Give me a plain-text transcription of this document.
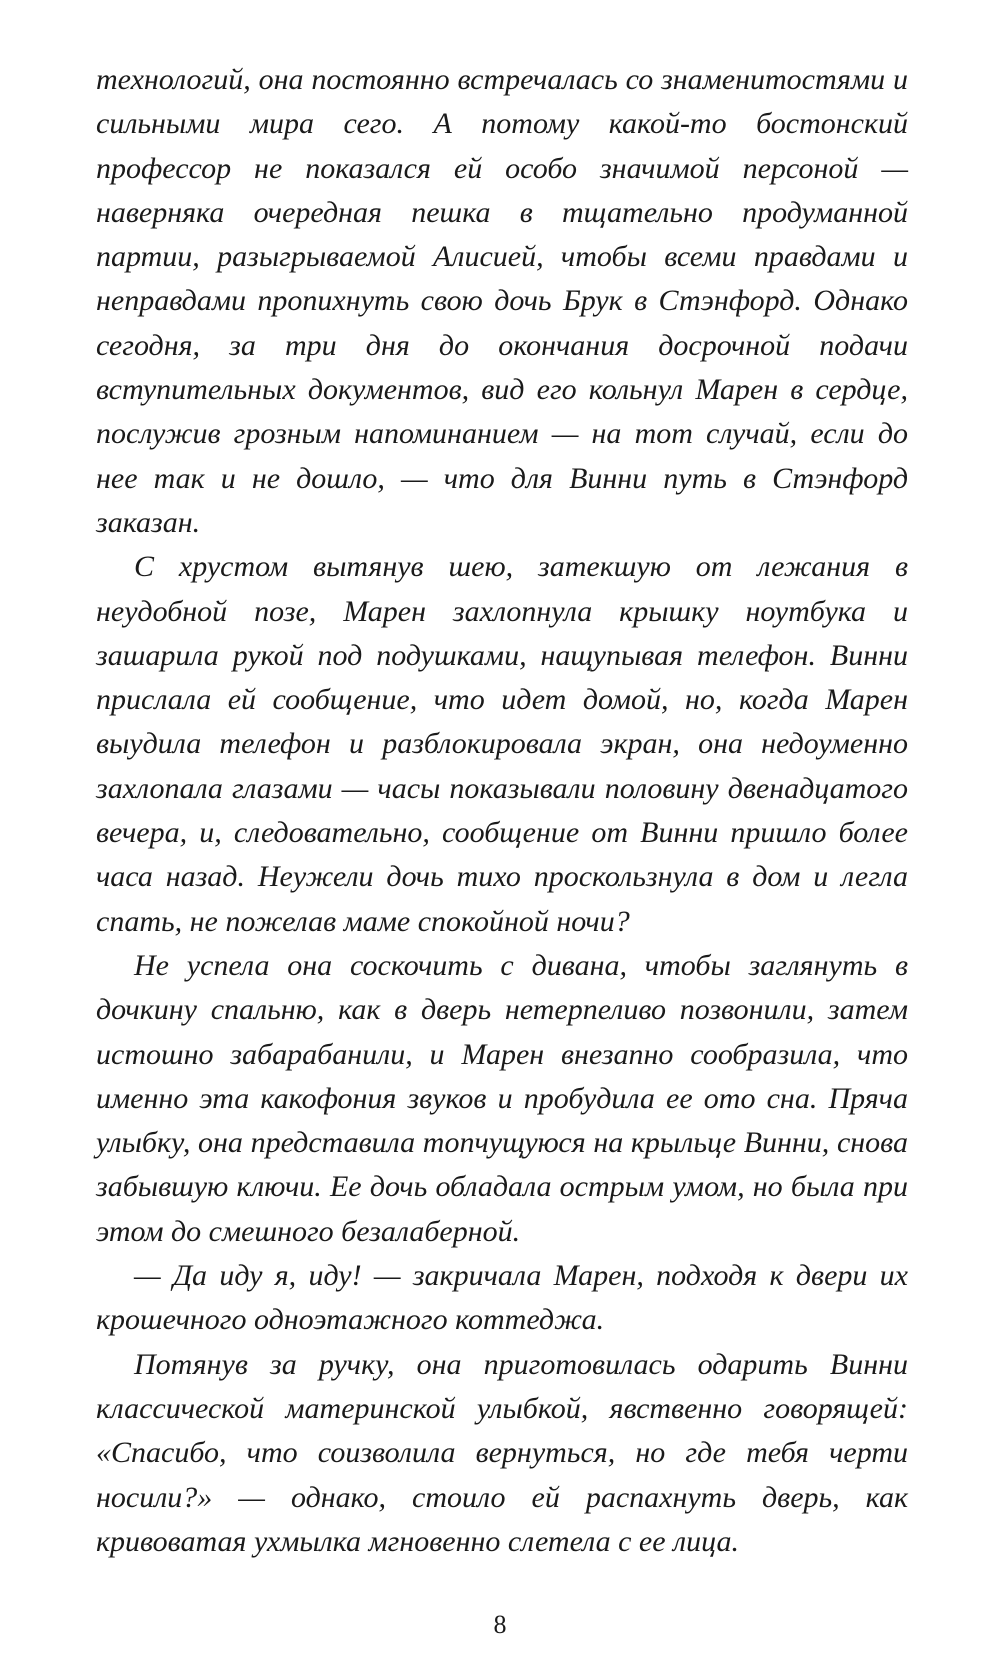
технологий, она постоянно встречалась со знаменитостями и сильными мира сего. А потому какой-то бостонский профессор не показался ей особо значимой персоной — наверняка очередная пешка в тщательно продуманной партии, разыгрываемой Алисией, чтобы всеми правдами и неправдами пропихнуть свою дочь Брук в Стэнфорд. Однако сегодня, за три дня до окончания досрочной подачи вступительных документов, вид его кольнул Марен в сердце, послужив грозным напоминанием — на тот случай, если до нее так и не дошло, — что для Винни путь в Стэнфорд заказан.

С хрустом вытянув шею, затекшую от лежания в неудобной позе, Марен захлопнула крышку ноутбука и зашарила рукой под подушками, нащупывая телефон. Винни прислала ей сообщение, что идет домой, но, когда Марен выудила телефон и разблокировала экран, она недоуменно захлопала глазами — часы показывали половину двенадцатого вечера, и, следовательно, сообщение от Винни пришло более часа назад. Неужели дочь тихо проскользнула в дом и легла спать, не пожелав маме спокойной ночи?

Не успела она соскочить с дивана, чтобы заглянуть в дочкину спальню, как в дверь нетерпеливо позвонили, затем истошно забарабанили, и Марен внезапно сообразила, что именно эта какофония звуков и пробудила ее ото сна. Пряча улыбку, она представила топчущуюся на крыльце Винни, снова забывшую ключи. Ее дочь обладала острым умом, но была при этом до смешного безалаберной.

— Да иду я, иду! — закричала Марен, подходя к двери их крошечного одноэтажного коттеджа.

Потянув за ручку, она приготовилась одарить Винни классической материнской улыбкой, явственно говорящей: «Спасибо, что соизволила вернуться, но где тебя черти носили?» — однако, стоило ей распахнуть дверь, как кривоватая ухмылка мгновенно слетела с ее лица.

8
